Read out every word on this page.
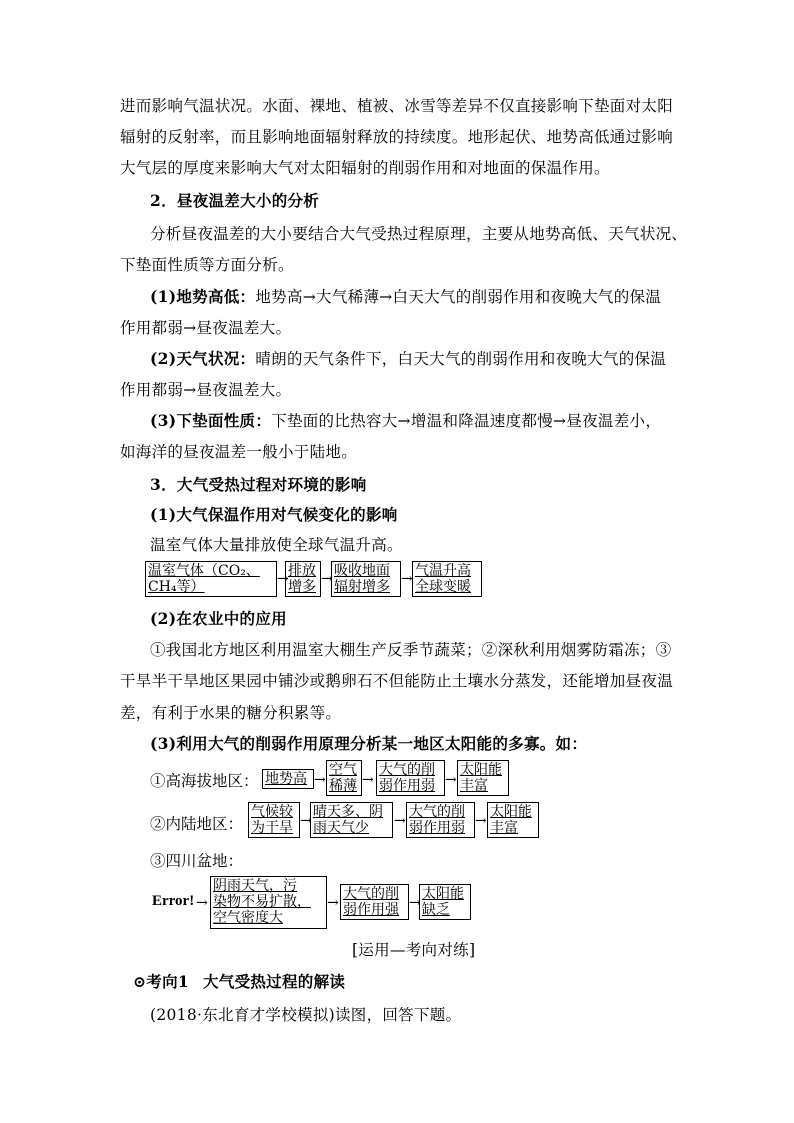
进而影响气温状况。水面、裸地、植被、冰雪等差异不仅直接影响下垫面对太阳
辐射的反射率，而且影响地面辐射释放的持续度。地形起伏、地势高低通过影响
大气层的厚度来影响大气对太阳辐射的削弱作用和对地面的保温作用。
2．昼夜温差大小的分析
分析昼夜温差的大小要结合大气受热过程原理，主要从地势高低、天气状况、
下垫面性质等方面分析。
(1)地势高低：地势高→大气稀薄→白天大气的削弱作用和夜晚大气的保温
作用都弱→昼夜温差大。
(2)天气状况：晴朗的天气条件下，白天大气的削弱作用和夜晚大气的保温
作用都弱→昼夜温差大。
(3)下垫面性质：下垫面的比热容大→增温和降温速度都慢→昼夜温差小，
如海洋的昼夜温差一般小于陆地。
3．大气受热过程对环境的影响
(1)大气保温作用对气候变化的影响
温室气体大量排放使全球气温升高。
温室气体（CO₂、
CH₄等）	→ 排放
增多 → 吸收地面
辐射增多 → 气温升高
全球变暖
(2)在农业中的应用
①我国北方地区利用温室大棚生产反季节蔬菜；②深秋利用烟雾防霜冻；③
干旱半干旱地区果园中铺沙或鹅卵石不但能防止土壤水分蒸发，还能增加昼夜温
差，有利于水果的糖分积累等。
(3)利用大气的削弱作用原理分析某一地区太阳能的多寡。如：
①高海拔地区： 地势高 →
空气
稀薄 →
大气的削
弱作用弱 →
太阳能
丰富
②内陆地区：
气候较
为干旱 →
晴天多、阴
雨天气少	→
大气的削
弱作用弱 →
太阳能
丰富
③四川盆地：
Error! →
阴雨天气，污
染物不易扩散，
空气密度大
→
大气的削
弱作用强 →
太阳能
缺乏
[运用—考向对练]
⊙考向1 大气受热过程的解读
(2018·东北育才学校模拟)读图，回答下题。
